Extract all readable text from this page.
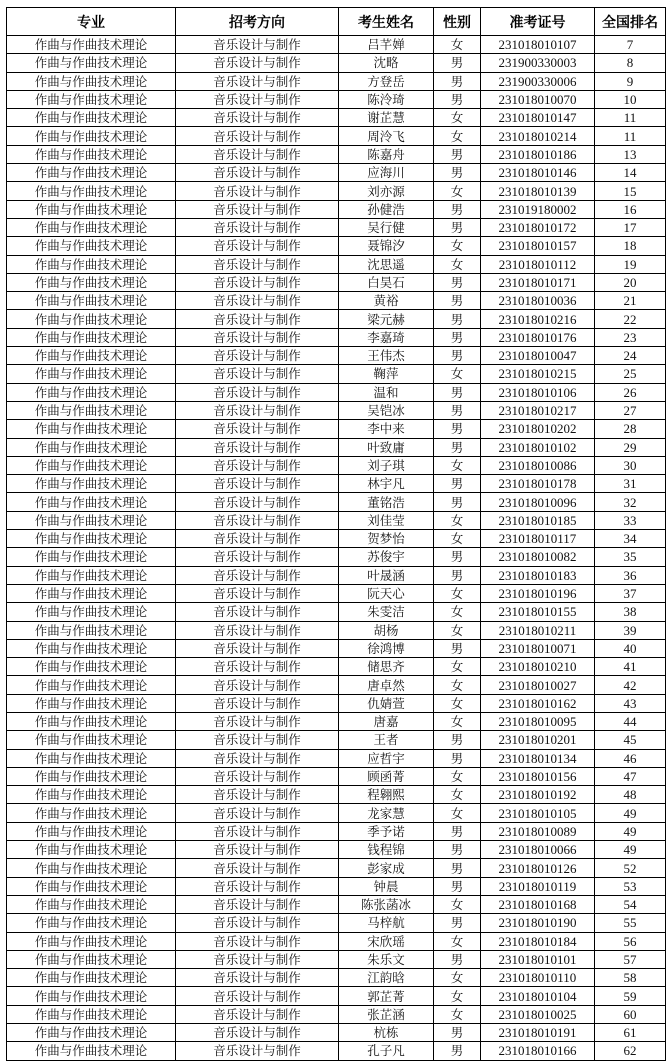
专业	招考方向	考生姓名	性别	准考证号	全国排名
作曲与作曲技术理论	音乐设计与制作	吕芊婵	女	231018010107	7
作曲与作曲技术理论	音乐设计与制作	沈略	男	231900330003	8
作曲与作曲技术理论	音乐设计与制作	方登岳	男	231900330006	9
作曲与作曲技术理论	音乐设计与制作	陈泠琦	男	231018010070	10
作曲与作曲技术理论	音乐设计与制作	谢芷慧	女	231018010147	11
作曲与作曲技术理论	音乐设计与制作	周泠飞	女	231018010214	11
作曲与作曲技术理论	音乐设计与制作	陈嘉舟	男	231018010186	13
作曲与作曲技术理论	音乐设计与制作	应海川	男	231018010146	14
作曲与作曲技术理论	音乐设计与制作	刘亦源	女	231018010139	15
作曲与作曲技术理论	音乐设计与制作	孙健浩	男	231019180002	16
作曲与作曲技术理论	音乐设计与制作	吴行健	男	231018010172	17
作曲与作曲技术理论	音乐设计与制作	聂锦汐	女	231018010157	18
作曲与作曲技术理论	音乐设计与制作	沈思遥	女	231018010112	19
作曲与作曲技术理论	音乐设计与制作	白昊石	男	231018010171	20
作曲与作曲技术理论	音乐设计与制作	黄裕	男	231018010036	21
作曲与作曲技术理论	音乐设计与制作	梁元赫	男	231018010216	22
作曲与作曲技术理论	音乐设计与制作	李嘉琦	男	231018010176	23
作曲与作曲技术理论	音乐设计与制作	王伟杰	男	231018010047	24
作曲与作曲技术理论	音乐设计与制作	鞠萍	女	231018010215	25
作曲与作曲技术理论	音乐设计与制作	温和	男	231018010106	26
作曲与作曲技术理论	音乐设计与制作	吴铠冰	男	231018010217	27
作曲与作曲技术理论	音乐设计与制作	李中来	男	231018010202	28
作曲与作曲技术理论	音乐设计与制作	叶致庸	男	231018010102	29
作曲与作曲技术理论	音乐设计与制作	刘子琪	女	231018010086	30
作曲与作曲技术理论	音乐设计与制作	林宇凡	男	231018010178	31
作曲与作曲技术理论	音乐设计与制作	董铭浩	男	231018010096	32
作曲与作曲技术理论	音乐设计与制作	刘佳莹	女	231018010185	33
作曲与作曲技术理论	音乐设计与制作	贺梦怡	女	231018010117	34
作曲与作曲技术理论	音乐设计与制作	苏俊宇	男	231018010082	35
作曲与作曲技术理论	音乐设计与制作	叶晟涵	男	231018010183	36
作曲与作曲技术理论	音乐设计与制作	阮天心	女	231018010196	37
作曲与作曲技术理论	音乐设计与制作	朱雯洁	女	231018010155	38
作曲与作曲技术理论	音乐设计与制作	胡杨	女	231018010211	39
作曲与作曲技术理论	音乐设计与制作	徐鸿博	男	231018010071	40
作曲与作曲技术理论	音乐设计与制作	储思齐	女	231018010210	41
作曲与作曲技术理论	音乐设计与制作	唐卓然	女	231018010027	42
作曲与作曲技术理论	音乐设计与制作	仇婧萱	女	231018010162	43
作曲与作曲技术理论	音乐设计与制作	唐嘉	女	231018010095	44
作曲与作曲技术理论	音乐设计与制作	王者	男	231018010201	45
作曲与作曲技术理论	音乐设计与制作	应哲宇	男	231018010134	46
作曲与作曲技术理论	音乐设计与制作	顾函菁	女	231018010156	47
作曲与作曲技术理论	音乐设计与制作	程翱熙	女	231018010192	48
作曲与作曲技术理论	音乐设计与制作	龙家慧	女	231018010105	49
作曲与作曲技术理论	音乐设计与制作	季予诺	男	231018010089	49
作曲与作曲技术理论	音乐设计与制作	钱程锦	男	231018010066	49
作曲与作曲技术理论	音乐设计与制作	彭家成	男	231018010126	52
作曲与作曲技术理论	音乐设计与制作	钟晨	男	231018010119	53
作曲与作曲技术理论	音乐设计与制作	陈张菡冰	女	231018010168	54
作曲与作曲技术理论	音乐设计与制作	马梓航	男	231018010190	55
作曲与作曲技术理论	音乐设计与制作	宋欣瑶	女	231018010184	56
作曲与作曲技术理论	音乐设计与制作	朱乐文	男	231018010101	57
作曲与作曲技术理论	音乐设计与制作	江韵晗	女	231018010110	58
作曲与作曲技术理论	音乐设计与制作	郭芷菁	女	231018010104	59
作曲与作曲技术理论	音乐设计与制作	张芷涵	女	231018010025	60
作曲与作曲技术理论	音乐设计与制作	杭栋	男	231018010191	61
作曲与作曲技术理论	音乐设计与制作	孔子凡	男	231018010166	62
